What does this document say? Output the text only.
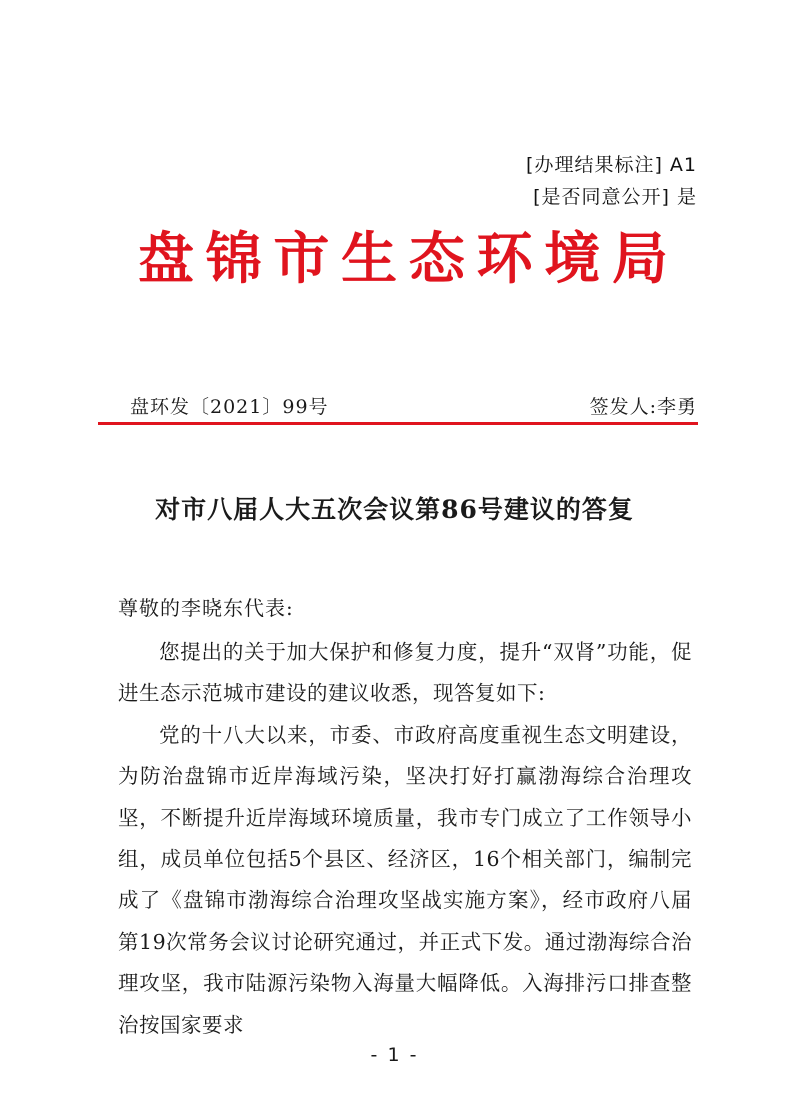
[办理结果标注] A1
[是否同意公开] 是
盘锦市生态环境局
盘环发〔2021〕99号	签发人:李勇
对市八届人大五次会议第86号建议的答复
尊敬的李晓东代表:

您提出的关于加大保护和修复力度，提升“双肾”功能，促进生态示范城市建设的建议收悉，现答复如下:

党的十八大以来，市委、市政府高度重视生态文明建设，为防治盘锦市近岸海域污染，坚决打好打赢渤海综合治理攻坚，不断提升近岸海域环境质量，我市专门成立了工作领导小组，成员单位包括5个县区、经济区，16个相关部门，编制完成了《盘锦市渤海综合治理攻坚战实施方案》，经市政府八届第19次常务会议讨论研究通过，并正式下发。通过渤海综合治理攻坚，我市陆源污染物入海量大幅降低。入海排污口排查整治按国家要求

- 1 -
